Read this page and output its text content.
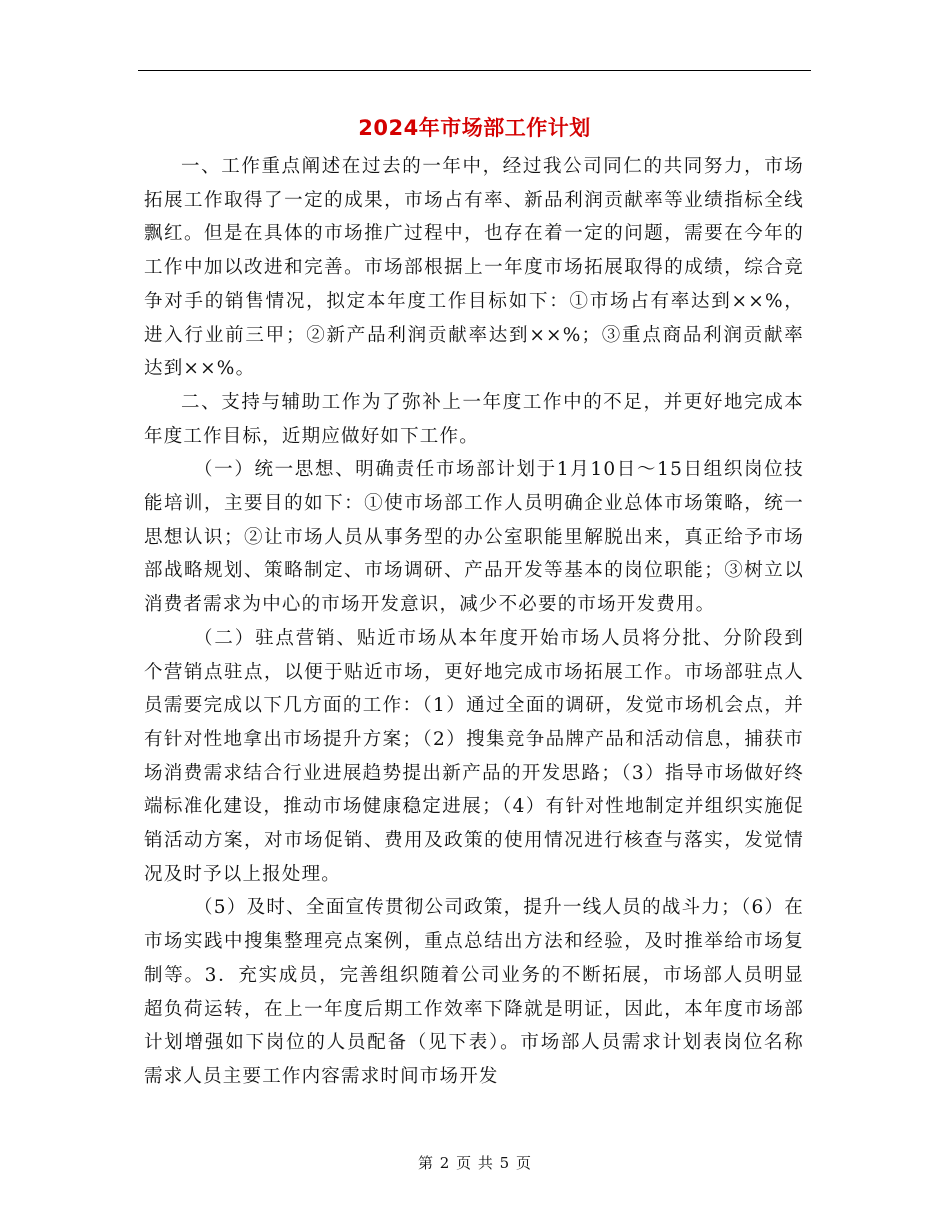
2024年市场部工作计划

一、工作重点阐述在过去的一年中，经过我公司同仁的共同努力，市场拓展工作取得了一定的成果，市场占有率、新品利润贡献率等业绩指标全线飘红。但是在具体的市场推广过程中，也存在着一定的问题，需要在今年的工作中加以改进和完善。市场部根据上一年度市场拓展取得的成绩，综合竞争对手的销售情况，拟定本年度工作目标如下：①市场占有率达到××%，进入行业前三甲；②新产品利润贡献率达到××%；③重点商品利润贡献率达到××%。

二、支持与辅助工作为了弥补上一年度工作中的不足，并更好地完成本年度工作目标，近期应做好如下工作。

（一）统一思想、明确责任市场部计划于1月10日～15日组织岗位技能培训，主要目的如下：①使市场部工作人员明确企业总体市场策略，统一思想认识；②让市场人员从事务型的办公室职能里解脱出来，真正给予市场部战略规划、策略制定、市场调研、产品开发等基本的岗位职能；③树立以消费者需求为中心的市场开发意识，减少不必要的市场开发费用。

（二）驻点营销、贴近市场从本年度开始市场人员将分批、分阶段到个营销点驻点，以便于贴近市场，更好地完成市场拓展工作。市场部驻点人员需要完成以下几方面的工作：（1）通过全面的调研，发觉市场机会点，并有针对性地拿出市场提升方案；（2）搜集竞争品牌产品和活动信息，捕获市场消费需求结合行业进展趋势提出新产品的开发思路；（3）指导市场做好终端标准化建设，推动市场健康稳定进展；（4）有针对性地制定并组织实施促销活动方案，对市场促销、费用及政策的使用情况进行核查与落实，发觉情况及时予以上报处理。

（5）及时、全面宣传贯彻公司政策，提升一线人员的战斗力；（6）在市场实践中搜集整理亮点案例，重点总结出方法和经验，及时推举给市场复制等。3．充实成员，完善组织随着公司业务的不断拓展，市场部人员明显超负荷运转，在上一年度后期工作效率下降就是明证，因此，本年度市场部计划增强如下岗位的人员配备（见下表）。市场部人员需求计划表岗位名称需求人员主要工作内容需求时间市场开发

第 2 页 共 5 页
